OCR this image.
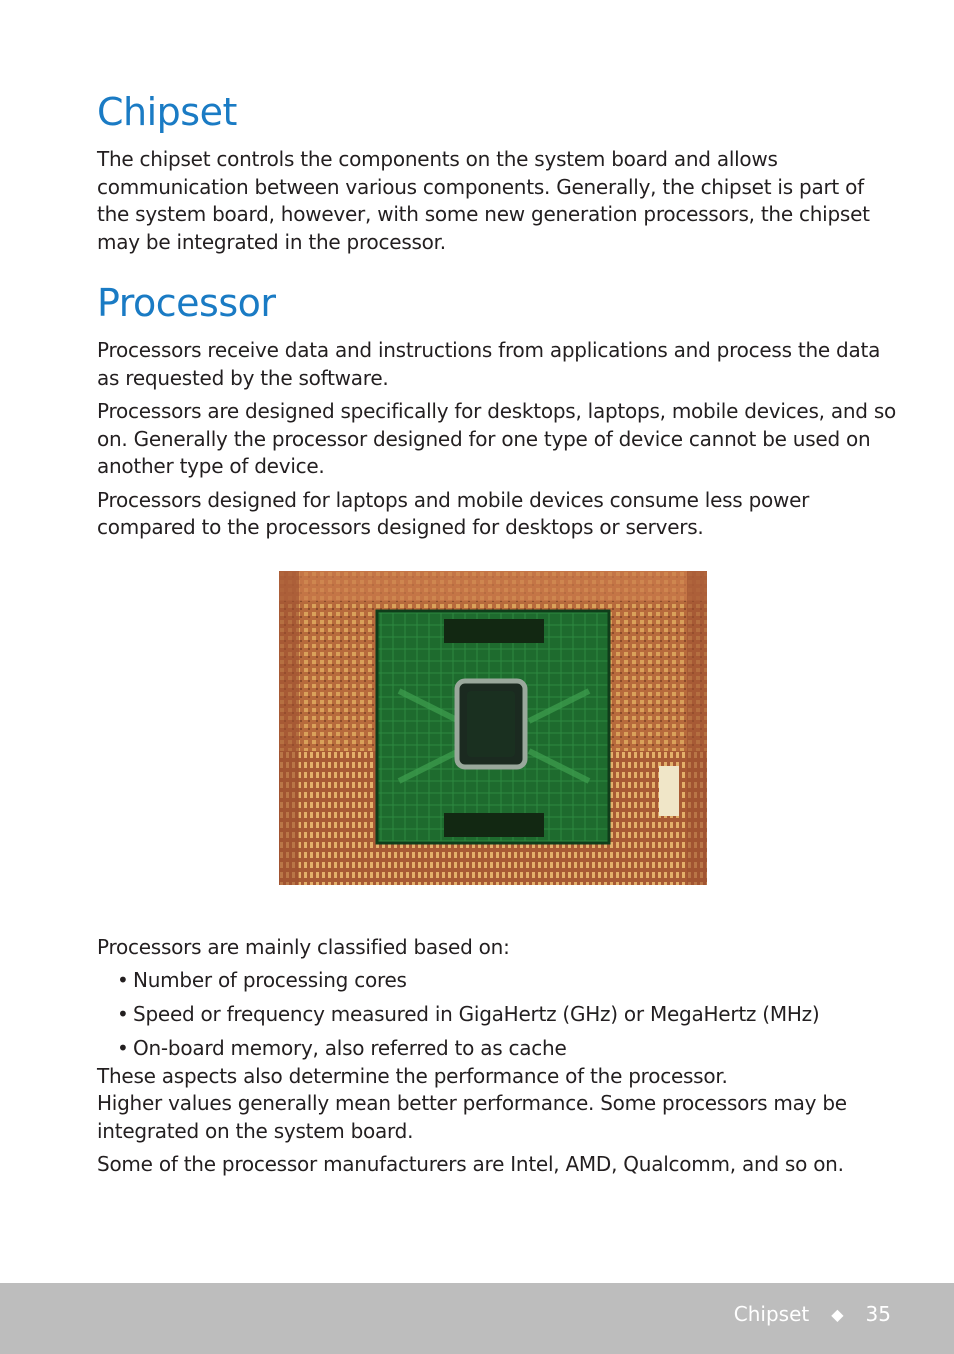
Chipset

The chipset controls the components on the system board and allows communication between various components. Generally, the chipset is part of the system board, however, with some new generation processors, the chipset may be integrated in the processor.

Processor

Processors receive data and instructions from applications and process the data as requested by the software.

Processors are designed specifically for desktops, laptops, mobile devices, and so on. Generally the processor designed for one type of device cannot be used on another type of device.

Processors designed for laptops and mobile devices consume less power compared to the processors designed for desktops or servers.

Processors are mainly classified based on:

• Number of processing cores
• Speed or frequency measured in GigaHertz (GHz) or MegaHertz (MHz)
• On-board memory, also referred to as cache

These aspects also determine the performance of the processor.

Higher values generally mean better performance. Some processors may be integrated on the system board.

Some of the processor manufacturers are Intel, AMD, Qualcomm, and so on.

Chipset ◆ 35
